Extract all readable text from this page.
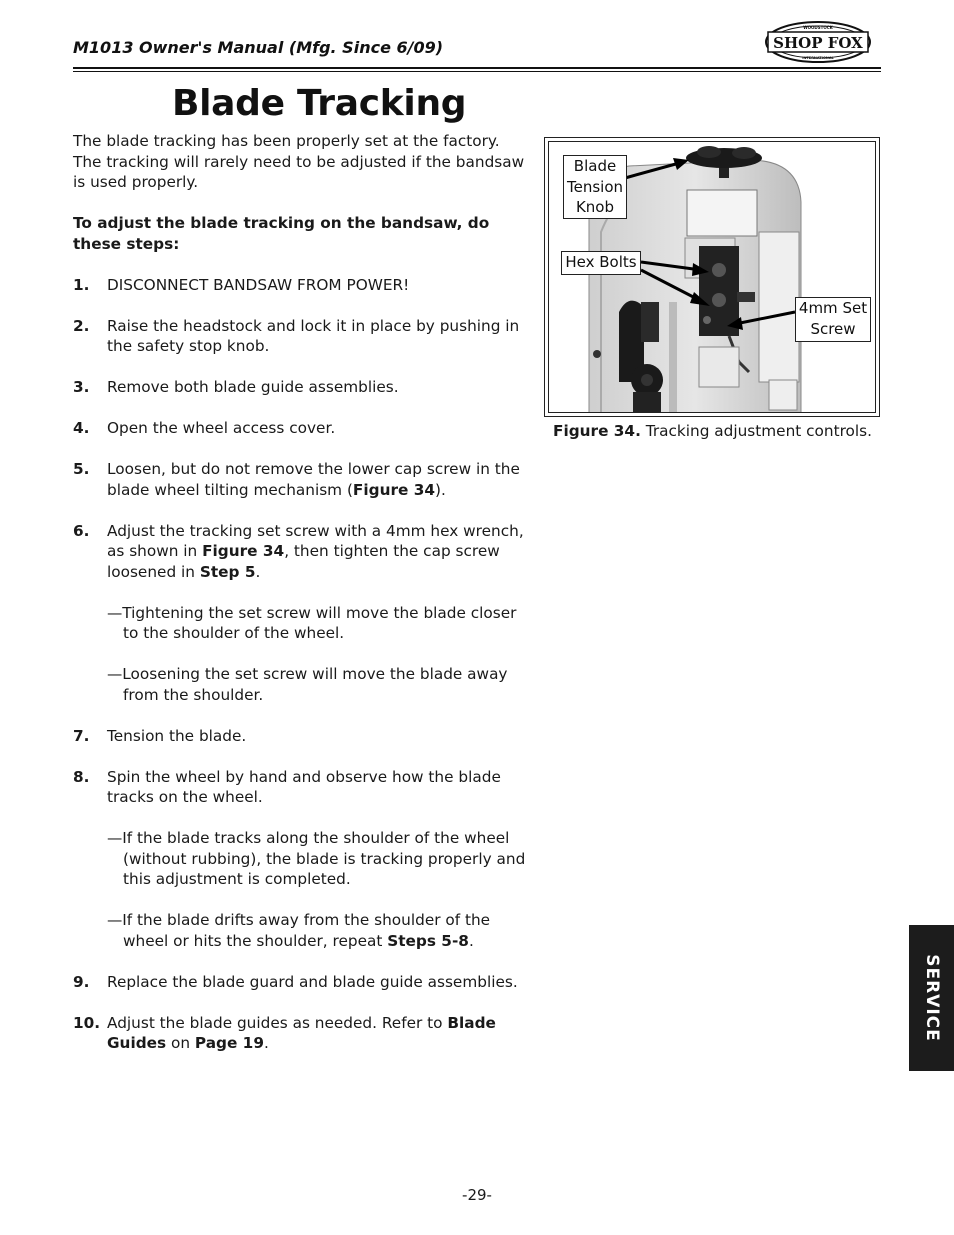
M1013 Owner's Manual (Mfg. Since 6/09)	SHOP FOX
WOODSTOCK
INTERNATIONAL
Blade Tracking

The blade tracking has been properly set at the factory. The tracking will rarely need to be adjusted if the bandsaw is used properly.

To adjust the blade tracking on the bandsaw, do these steps:

1.	DISCONNECT BANDSAW FROM POWER!
2.	Raise the headstock and lock it in place by pushing in the safety stop knob.
3.	Remove both blade guide assemblies.
4.	Open the wheel access cover.
5.	Loosen, but do not remove the lower cap screw in the blade wheel tilting mechanism (Figure 34).
6.	Adjust the tracking set screw with a 4mm hex wrench, as shown in Figure 34, then tighten the cap screw loosened in Step 5.

—Tightening the set screw will move the blade closer to the shoulder of the wheel.

—Loosening the set screw will move the blade away from the shoulder.

7.	Tension the blade.
8.	Spin the wheel by hand and observe how the blade tracks on the wheel.

—If the blade tracks along the shoulder of the wheel (without rubbing), the blade is tracking properly and this adjustment is completed.

—If the blade drifts away from the shoulder of the wheel or hits the shoulder, repeat Steps 5-8.

9.	Replace the blade guard and blade guide assemblies.
10. Adjust the blade guides as needed. Refer to Blade Guides on Page 19.
Blade
Tension
Knob
Hex Bolts
4mm Set
Screw
Figure 34. Tracking adjustment controls.
SERVICE
-29-
